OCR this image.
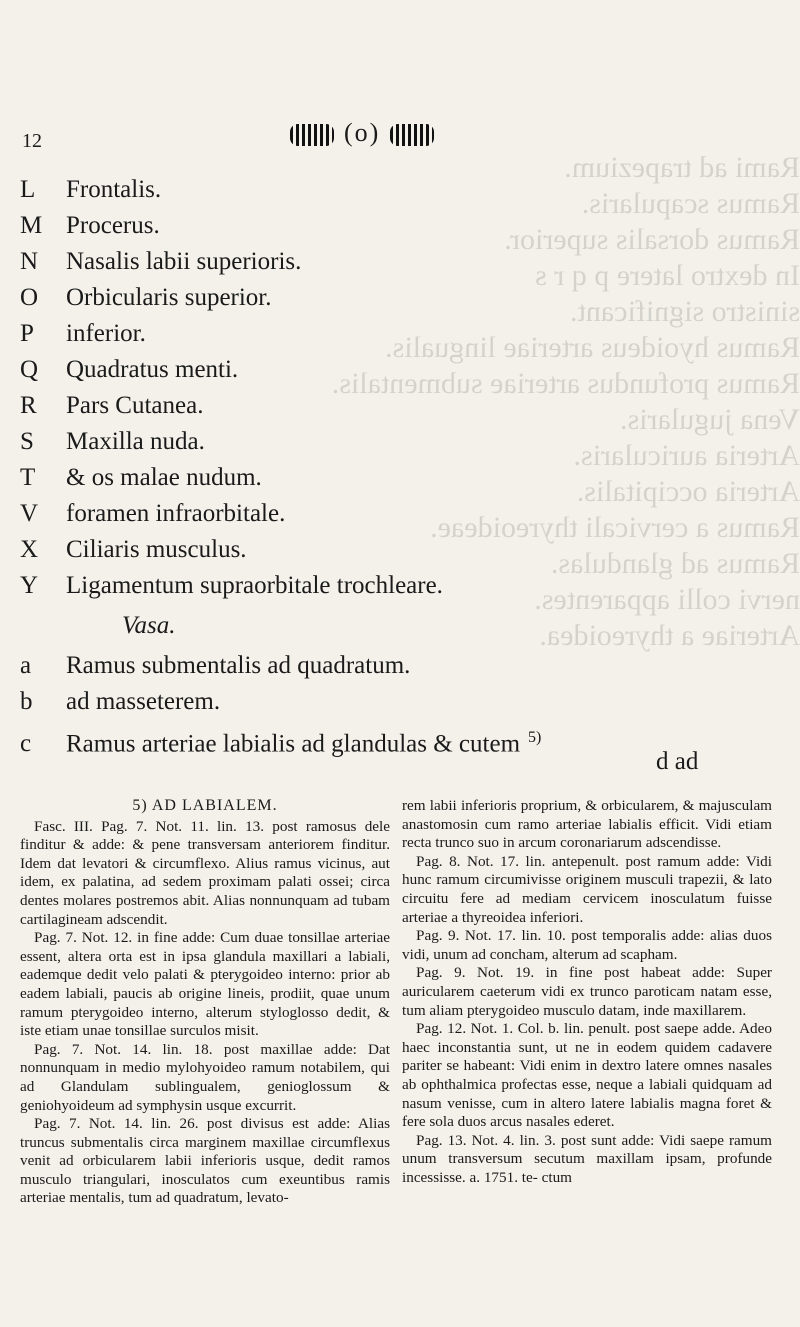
Rami ad trapezium.
Ramus scapularis.
Ramus dorsalis superior.
In dextro latere p q r s
sinistro significant.
Ramus hyoideus arteriae lingualis.
Ramus profundus arteriae submentalis.
Vena jugularis.
Arteria auricularis.
Arteria occipitalis.
Ramus a cervicali thyreoideae.
Ramus ad glandulas.
nervi colli apparentes.
Arteriae a thyreoidea.
12	(o)
L Frontalis.
M Procerus.
N Nasalis labii superioris.
O Orbicularis superior.
P inferior.
Q Quadratus menti.
R Pars Cutanea.
S Maxilla nuda.
T & os malae nudum.
V foramen infraorbitale.
X Ciliaris musculus.
Y Ligamentum supraorbitale trochleare.
Vasa.
a Ramus submentalis ad quadratum.
b ad masseterem.
c Ramus arteriae labialis ad glandulas & cutem $^{5)}$
d ad
5) AD LABIALEM.

Fasc. III. Pag. 7. Not. 11. lin. 13. post ramosus dele finditur & adde: & pene transversam anteriorem finditur. Idem dat levatori & circumflexo. Alius ramus vicinus, aut idem, ex palatina, ad sedem proximam palati ossei; circa dentes molares postremos abit. Alias nonnunquam ad tubam cartilagineam adscendit.

Pag. 7. Not. 12. in fine adde: Cum duae tonsillae arteriae essent, altera orta est in ipsa glandula maxillari a labiali, eademque dedit velo palati & pterygoideo interno: prior ab eadem labiali, paucis ab origine lineis, prodiit, quae unum ramum pterygoideo interno, alterum styloglosso dedit, & iste etiam unae tonsillae surculos misit.

Pag. 7. Not. 14. lin. 18. post maxillae adde: Dat nonnunquam in medio mylohyoideo ramum notabilem, qui ad Glandulam sublingualem, genioglossum & geniohyoideum ad symphysin usque excurrit.

Pag. 7. Not. 14. lin. 26. post divisus est adde: Alias truncus submentalis circa marginem maxillae circumflexus venit ad orbicularem labii inferioris usque, dedit ramos musculo triangulari, inosculatos cum exeuntibus ramis arteriae mentalis, tum ad quadratum, levato-

rem labii inferioris proprium, & orbicularem, & majusculam anastomosin cum ramo arteriae labialis efficit. Vidi etiam recta trunco suo in arcum coronariarum adscendisse.

Pag. 8. Not. 17. lin. antepenult. post ramum adde: Vidi hunc ramum circumivisse originem musculi trapezii, & lato circuitu fere ad mediam cervicem inosculatum fuisse arteriae a thyreoidea inferiori.

Pag. 9. Not. 17. lin. 10. post temporalis adde: alias duos vidi, unum ad concham, alterum ad scapham.

Pag. 9. Not. 19. in fine post habeat adde: Super auricularem caeterum vidi ex trunco paroticam natam esse, tum aliam pterygoideo musculo datam, inde maxillarem.

Pag. 12. Not. 1. Col. b. lin. penult. post saepe adde. Adeo haec inconstantia sunt, ut ne in eodem quidem cadavere pariter se habeant: Vidi enim in dextro latere omnes nasales ab ophthalmica profectas esse, neque a labiali quidquam ad nasum venisse, cum in altero latere labialis magna foret & fere sola duos arcus nasales ederet.

Pag. 13. Not. 4. lin. 3. post sunt adde: Vidi saepe ramum unum transversum secutum maxillam ipsam, profunde incessisse. a. 1751. te- ctum
